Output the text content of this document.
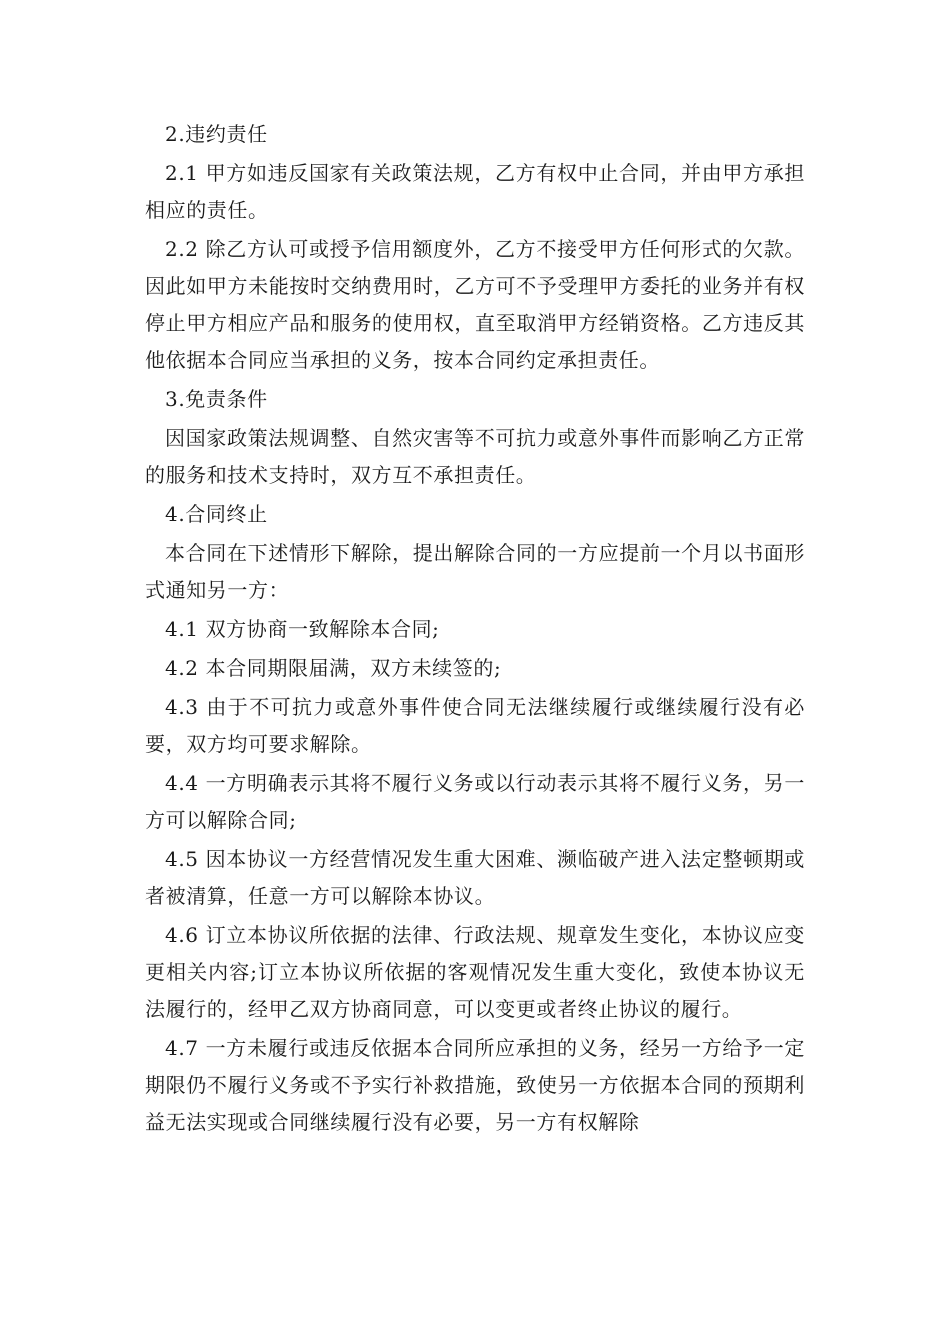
2.违约责任

2.1 甲方如违反国家有关政策法规，乙方有权中止合同，并由甲方承担相应的责任。

2.2 除乙方认可或授予信用额度外，乙方不接受甲方任何形式的欠款。因此如甲方未能按时交纳费用时，乙方可不予受理甲方委托的业务并有权停止甲方相应产品和服务的使用权，直至取消甲方经销资格。乙方违反其他依据本合同应当承担的义务，按本合同约定承担责任。

3.免责条件

因国家政策法规调整、自然灾害等不可抗力或意外事件而影响乙方正常的服务和技术支持时，双方互不承担责任。

4.合同终止

本合同在下述情形下解除，提出解除合同的一方应提前一个月以书面形式通知另一方：

4.1 双方协商一致解除本合同;

4.2 本合同期限届满，双方未续签的;

4.3 由于不可抗力或意外事件使合同无法继续履行或继续履行没有必要，双方均可要求解除。

4.4 一方明确表示其将不履行义务或以行动表示其将不履行义务，另一方可以解除合同;

4.5 因本协议一方经营情况发生重大困难、濒临破产进入法定整顿期或者被清算，任意一方可以解除本协议。

4.6 订立本协议所依据的法律、行政法规、规章发生变化，本协议应变更相关内容;订立本协议所依据的客观情况发生重大变化，致使本协议无法履行的，经甲乙双方协商同意，可以变更或者终止协议的履行。

4.7 一方未履行或违反依据本合同所应承担的义务，经另一方给予一定期限仍不履行义务或不予实行补救措施，致使另一方依据本合同的预期利益无法实现或合同继续履行没有必要，另一方有权解除
